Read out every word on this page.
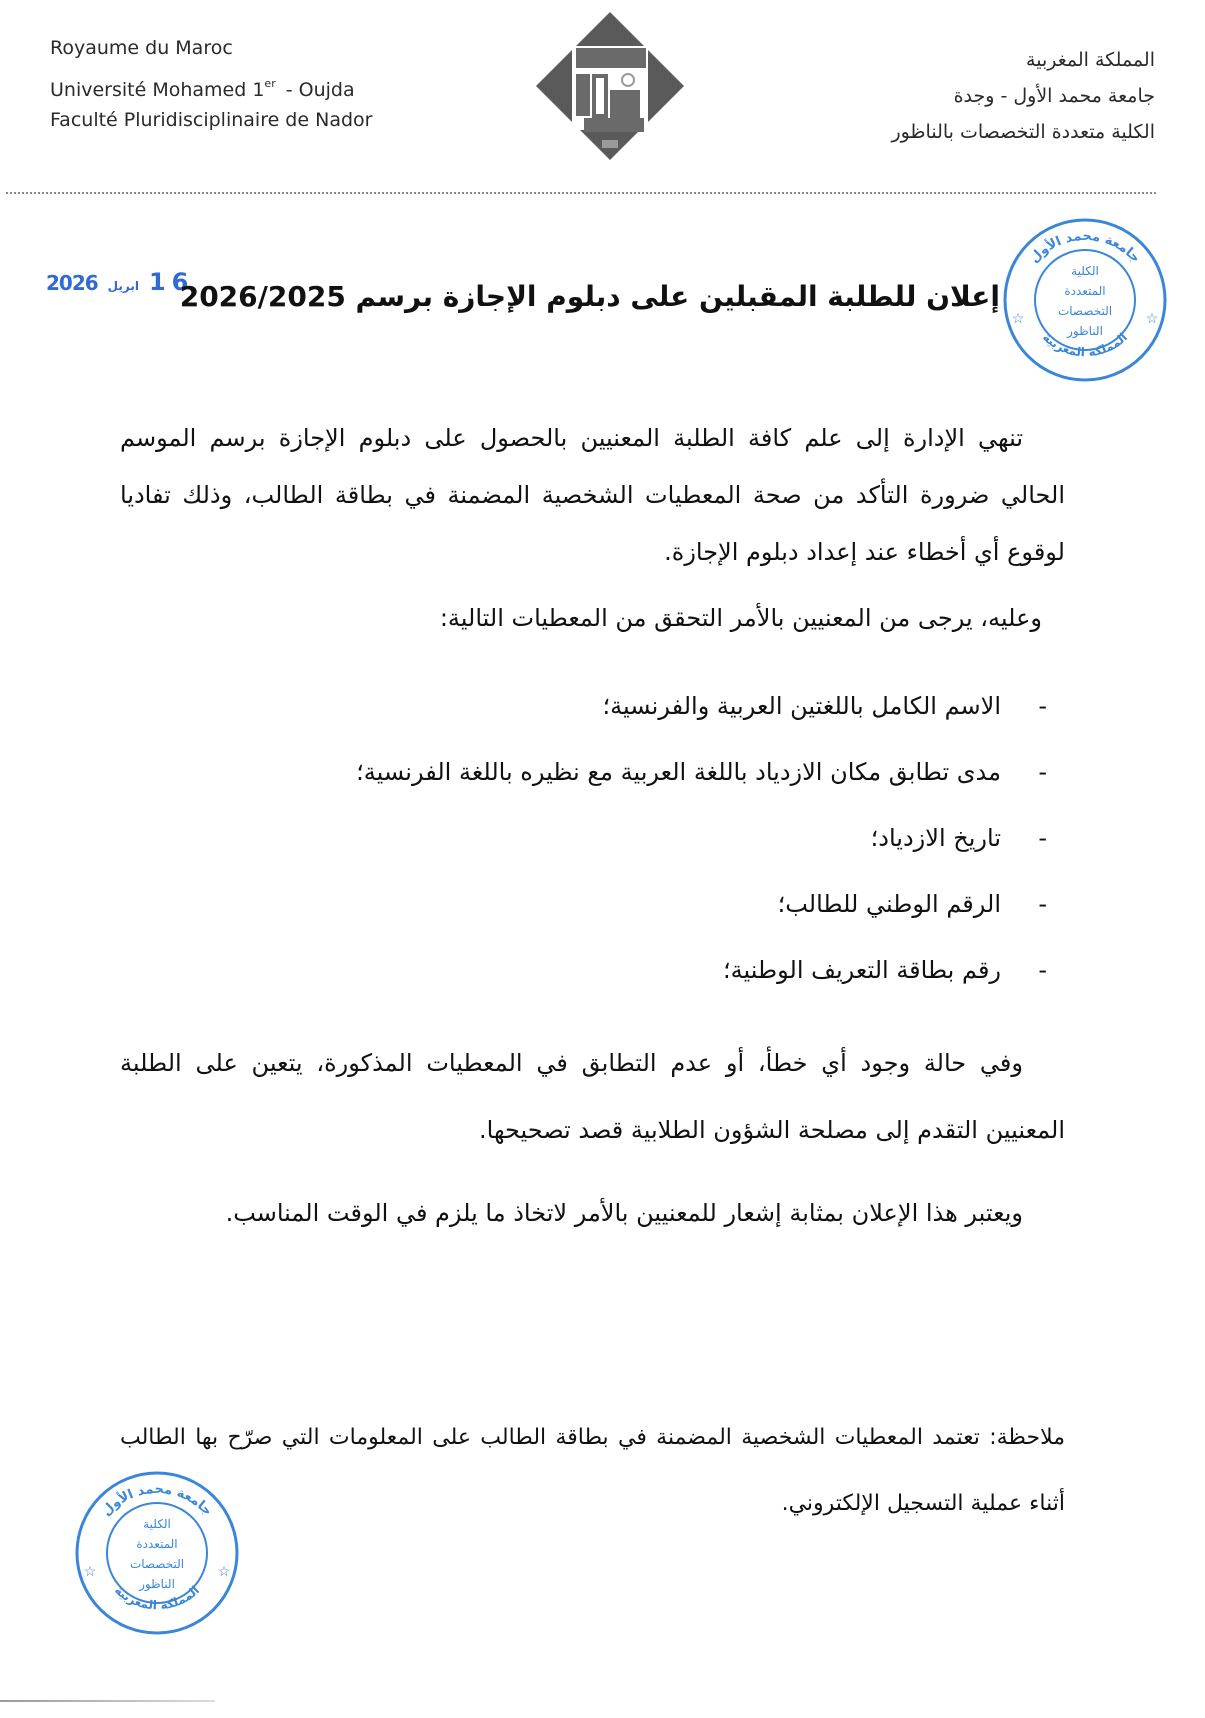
Royaume du Maroc
Université Mohamed 1er - Oujda
Faculté Pluridisciplinaire de Nador
المملكة المغربية
جامعة محمد الأول - وجدة
الكلية متعددة التخصصات بالناظور
2026 ابريل 16
إعلان للطلبة المقبلين على دبلوم الإجازة برسم 2026/2025
جامعة محمد الأول
المملكة المغربية
الكلية
المتعددة
التخصصات
الناظور
☆	☆
تنهي الإدارة إلى علم كافة الطلبة المعنيين بالحصول على دبلوم الإجازة برسم الموسم الحالي ضرورة التأكد من صحة المعطيات الشخصية المضمنة في بطاقة الطالب، وذلك تفاديا لوقوع أي أخطاء عند إعداد دبلوم الإجازة.
وعليه، يرجى من المعنيين بالأمر التحقق من المعطيات التالية:
-الاسم الكامل باللغتين العربية والفرنسية؛
-مدى تطابق مكان الازدياد باللغة العربية مع نظيره باللغة الفرنسية؛
-تاريخ الازدياد؛
-الرقم الوطني للطالب؛
-رقم بطاقة التعريف الوطنية؛
وفي حالة وجود أي خطأ، أو عدم التطابق في المعطيات المذكورة، يتعين على الطلبة المعنيين التقدم إلى مصلحة الشؤون الطلابية قصد تصحيحها.
ويعتبر هذا الإعلان بمثابة إشعار للمعنيين بالأمر لاتخاذ ما يلزم في الوقت المناسب.
ملاحظة: تعتمد المعطيات الشخصية المضمنة في بطاقة الطالب على المعلومات التي صرّح بها الطالب أثناء عملية التسجيل الإلكتروني.
جامعة محمد الأول
المملكة المغربية
الكلية
المتعددة
التخصصات
الناظور
☆	☆
